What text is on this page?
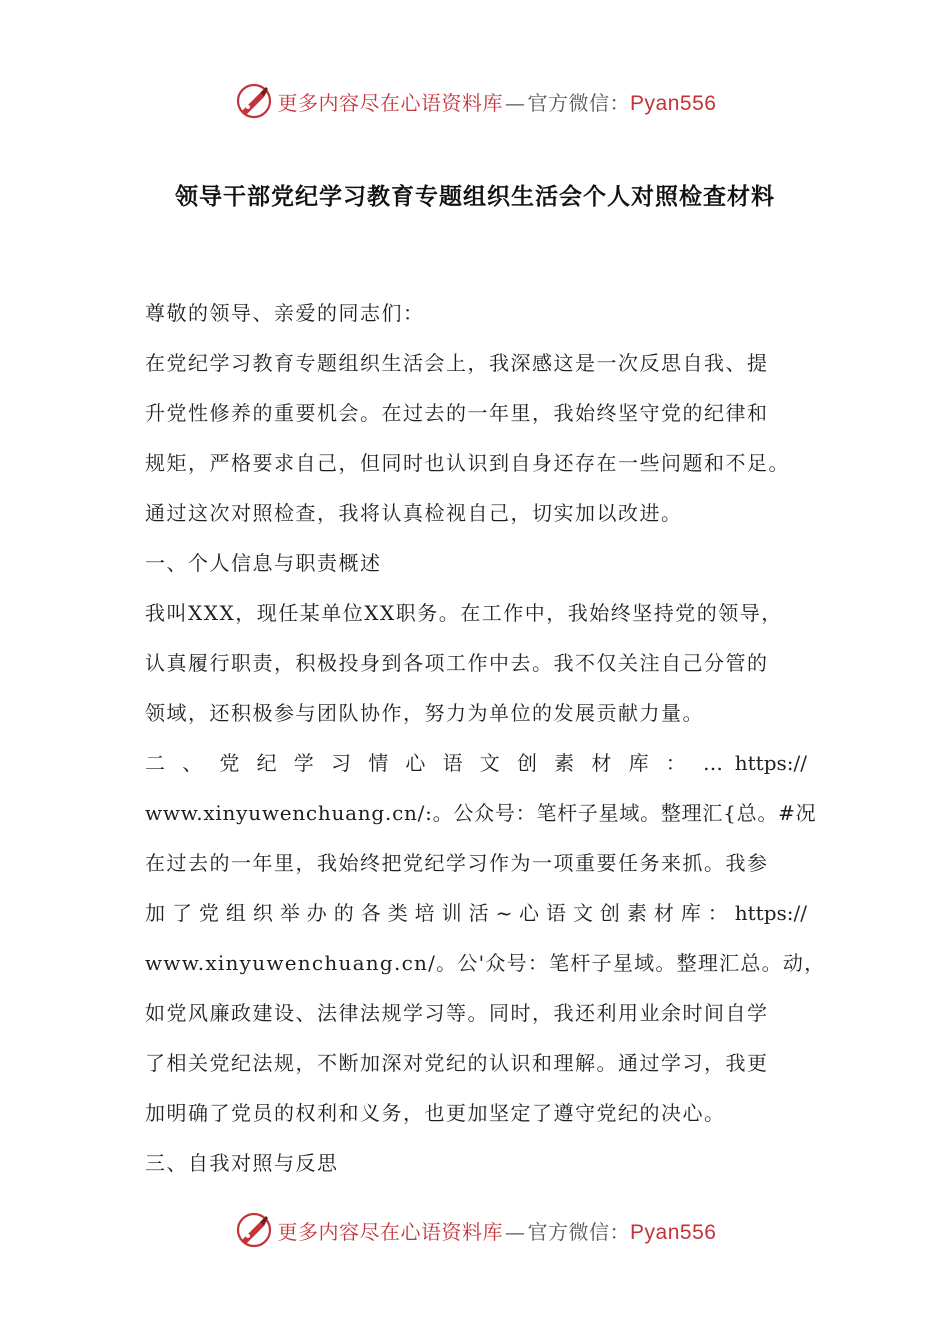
更多内容尽在心语资料库 — 官方微信：Pyan556
领导干部党纪学习教育专题组织生活会个人对照检查材料
尊敬的领导、亲爱的同志们：
在党纪学习教育专题组织生活会上，我深感这是一次反思自我、提
升党性修养的重要机会。在过去的一年里，我始终坚守党的纪律和
规矩，严格要求自己，但同时也认识到自身还存在一些问题和不足。
通过这次对照检查，我将认真检视自己，切实加以改进。
一、个人信息与职责概述
我叫XXX，现任某单位XX职务。在工作中，我始终坚持党的领导，
认真履行职责，积极投身到各项工作中去。我不仅关注自己分管的
领域，还积极参与团队协作，努力为单位的发展贡献力量。
二 、 党 纪 学 习 情 心 语 文 创 素 材 库 ： … https://
www.xinyuwenchuang.cn/:。公众号：笔杆子星域。整理汇{总。#况
在过去的一年里，我始终把党纪学习作为一项重要任务来抓。我参
加 了 党 组 织 举 办 的 各 类 培 训 活 ~ 心 语 文 创 素 材 库 ： https://
www.xinyuwenchuang.cn/。公'众号：笔杆子星域。整理汇总。动，
如党风廉政建设、法律法规学习等。同时，我还利用业余时间自学
了相关党纪法规，不断加深对党纪的认识和理解。通过学习，我更
加明确了党员的权利和义务，也更加坚定了遵守党纪的决心。
三、自我对照与反思
更多内容尽在心语资料库 — 官方微信：Pyan556
